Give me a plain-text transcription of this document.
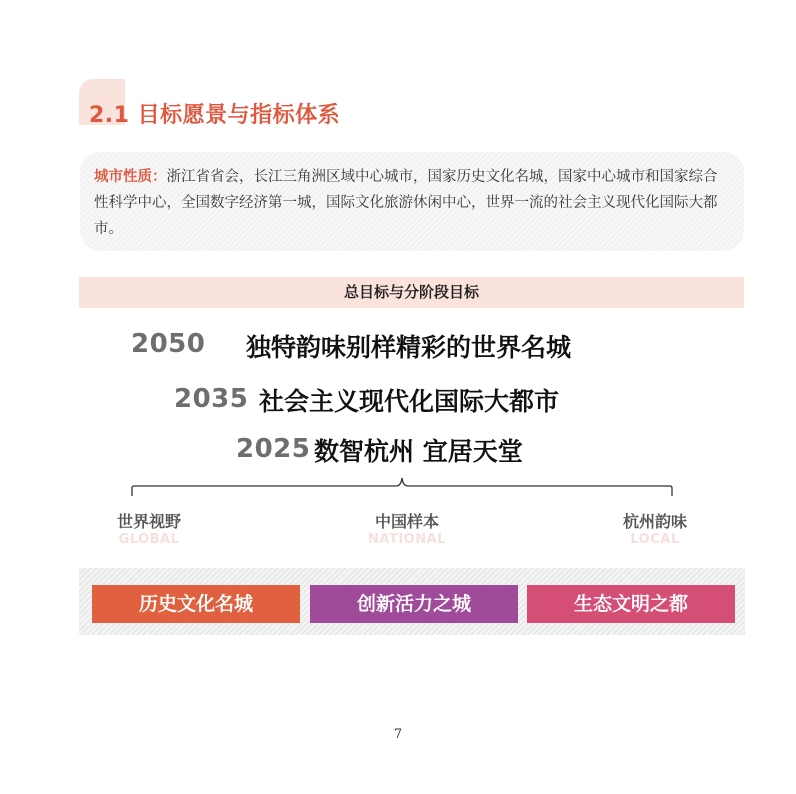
2.1 目标愿景与指标体系
城市性质：浙江省省会，长江三角洲区域中心城市，国家历史文化名城，国家中心城市和国家综合性科学中心，全国数字经济第一城，国际文化旅游休闲中心，世界一流的社会主义现代化国际大都市。
总目标与分阶段目标
2050 独特韵味别样精彩的世界名城
2035 社会主义现代化国际大都市
2025 数智杭州 宜居天堂
世界视野
GLOBAL
中国样本
NATIONAL
杭州韵味
LOCAL
历史文化名城	创新活力之城	生态文明之都
7
